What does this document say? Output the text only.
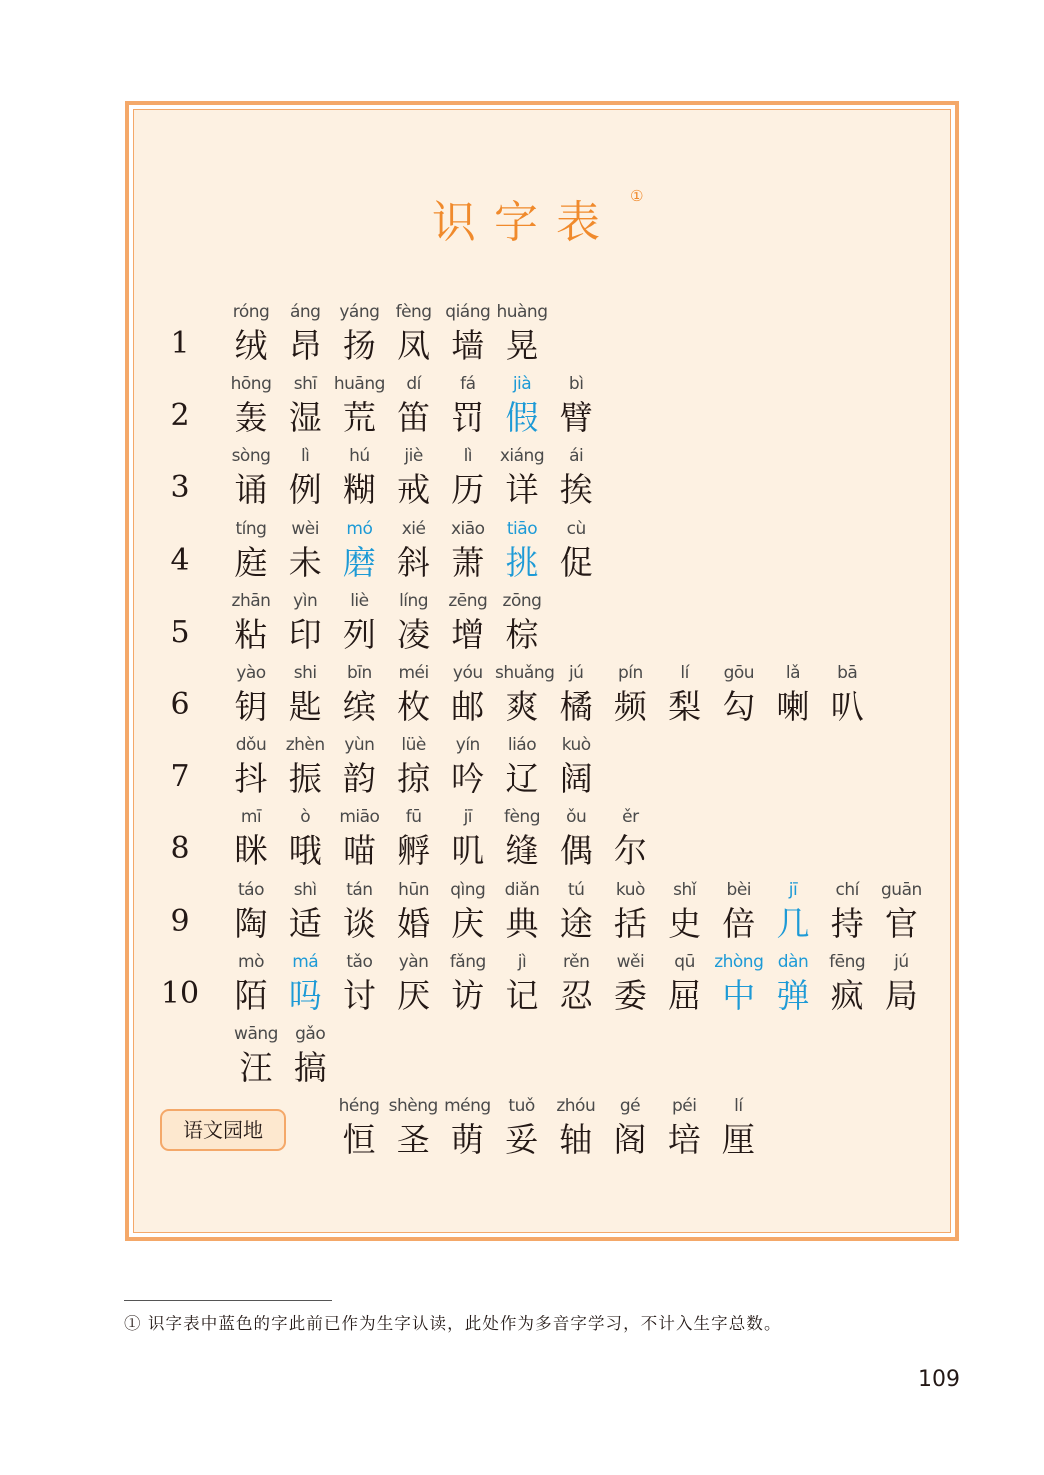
识字表
①
1
róng
绒
áng
昂
yáng
扬
fèng
凤
qiáng
墙
huàng
晃
2
hōng
轰
shī
湿
huāng
荒
dí
笛
fá
罚
jià
假
bì
臂
3
sòng
诵
lì
例
hú
糊
jiè
戒
lì
历
xiáng
详
ái
挨
4
tíng
庭
wèi
未
mó
磨
xié
斜
xiāo
萧
tiāo
挑
cù
促
5
zhān
粘
yìn
印
liè
列
líng
凌
zēng
增
zōng
棕
6
yào
钥
shi
匙
bīn
缤
méi
枚
yóu
邮
shuǎng
爽
jú
橘
pín
频
lí
梨
gōu
勾
lǎ
喇
bā
叭
7
dǒu
抖
zhèn
振
yùn
韵
lüè
掠
yín
吟
liáo
辽
kuò
阔
8
mī
眯
ò
哦
miāo
喵
fū
孵
jī
叽
fèng
缝
ǒu
偶
ěr
尔
9
táo
陶
shì
适
tán
谈
hūn
婚
qìng
庆
diǎn
典
tú
途
kuò
括
shǐ
史
bèi
倍
jī
几
chí
持
guān
官
10
mò
陌
má
吗
tǎo
讨
yàn
厌
fǎng
访
jì
记
rěn
忍
wěi
委
qū
屈
zhòng
中
dàn
弹
fēng
疯
jú
局
wāng
汪
gǎo
搞
语文园地
héng
恒
shèng
圣
méng
萌
tuǒ
妥
zhóu
轴
gé
阁
péi
培
lí
厘
① 识字表中蓝色的字此前已作为生字认读，此处作为多音字学习，不计入生字总数。
109
